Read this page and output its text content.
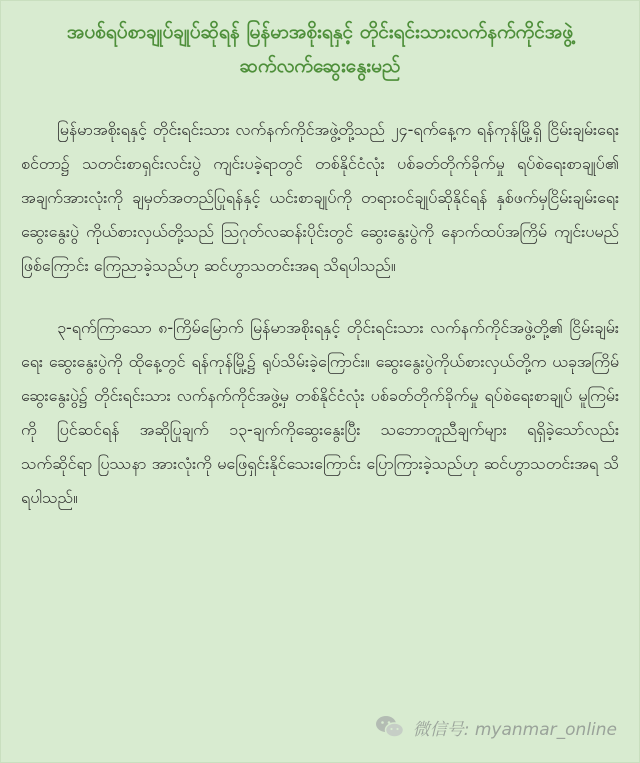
အပစ်ရပ်စာချုပ်ချုပ်ဆိုရန် မြန်မာအစိုးရနှင့် တိုင်းရင်းသားလက်နက်ကိုင်အဖွဲ့
ဆက်လက်ဆွေးနွေးမည်

မြန်မာအစိုးရနှင့် တိုင်းရင်းသား လက်နက်ကိုင်အဖွဲ့တို့သည် ၂၄-ရက်နေ့က ရန်ကုန်မြို့ရှိ ငြိမ်းချမ်းရေးစင်တာ၌ သတင်းစာရှင်းလင်းပွဲ ကျင်းပခဲ့ရာတွင် တစ်နိုင်ငံလုံး ပစ်ခတ်တိုက်ခိုက်မှု ရပ်စဲရေးစာချုပ်၏ အချက်အားလုံးကို ချမှတ်အတည်ပြုရန်နှင့် ယင်းစာချုပ်ကို တရားဝင်ချုပ်ဆိုနိုင်ရန် နှစ်ဖက်မှငြိမ်းချမ်းရေးဆွေးနွေးပွဲ ကိုယ်စားလှယ်တို့သည် ဩဂုတ်လဆန်းပိုင်းတွင် ဆွေးနွေးပွဲကို နောက်ထပ်အကြိမ် ကျင်းပမည်ဖြစ်ကြောင်း ကြေညာခဲ့သည်ဟု ဆင်ဟွာသတင်းအရ သိရပါသည်။

၃-ရက်ကြာသော ၈-ကြိမ်မြောက် မြန်မာအစိုးရနှင့် တိုင်းရင်းသား လက်နက်ကိုင်အဖွဲ့တို့၏ ငြိမ်းချမ်းရေး ဆွေးနွေးပွဲကို ထိုနေ့တွင် ရန်ကုန်မြို့၌ ရုပ်သိမ်းခဲ့ကြောင်း။ ဆွေးနွေးပွဲကိုယ်စားလှယ်တို့က ယခုအကြိမ် ဆွေးနွေးပွဲ၌ တိုင်းရင်းသား လက်နက်ကိုင်အဖွဲ့မှ တစ်နိုင်ငံလုံး ပစ်ခတ်တိုက်ခိုက်မှု ရပ်စဲရေးစာချုပ် မူကြမ်းကို ပြင်ဆင်ရန် အဆိုပြုချက် ၁၃-ချက်ကိုဆွေးနွေးပြီး သဘောတူညီချက်များ ရရှိခဲ့သော်လည်း သက်ဆိုင်ရာ ပြဿနာ အားလုံးကို မဖြေရှင်းနိုင်သေးကြောင်း ပြောကြားခဲ့သည်ဟု ဆင်ဟွာသတင်းအရ သိရပါသည်။

微信号: myanmar_online
